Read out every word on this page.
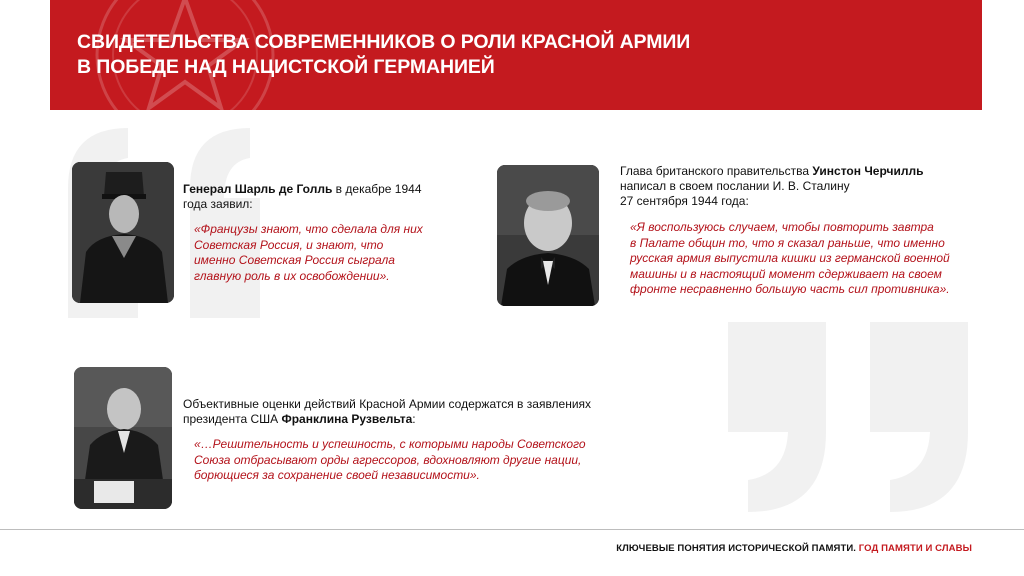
СВИДЕТЕЛЬСТВА СОВРЕМЕННИКОВ О РОЛИ КРАСНОЙ АРМИИ
В ПОБЕДЕ НАД НАЦИСТСКОЙ ГЕРМАНИЕЙ

Генерал Шарль де Голль в декабре 1944
года заявил:

«Французы знают, что сделала для них
Советская Россия, и знают, что
именно Советская Россия сыграла
главную роль в их освобождении».

Глава британского правительства Уинстон Черчилль
написал в своем послании И. В. Сталину
27 сентября 1944 года:

«Я воспользуюсь случаем, чтобы повторить завтра
в Палате общин то, что я сказал раньше, что именно
русская армия выпустила кишки из германской военной
машины и в настоящий момент сдерживает на своем
фронте несравненно большую часть сил противника».

Объективные оценки действий Красной Армии содержатся в заявлениях
президента США Франклина Рузвельта:

«…Решительность и успешность, с которыми народы Советского
Союза отбрасывают орды агрессоров, вдохновляют другие нации,
борющиеся за сохранение своей независимости».

КЛЮЧЕВЫЕ ПОНЯТИЯ ИСТОРИЧЕСКОЙ ПАМЯТИ. ГОД ПАМЯТИ И СЛАВЫ
